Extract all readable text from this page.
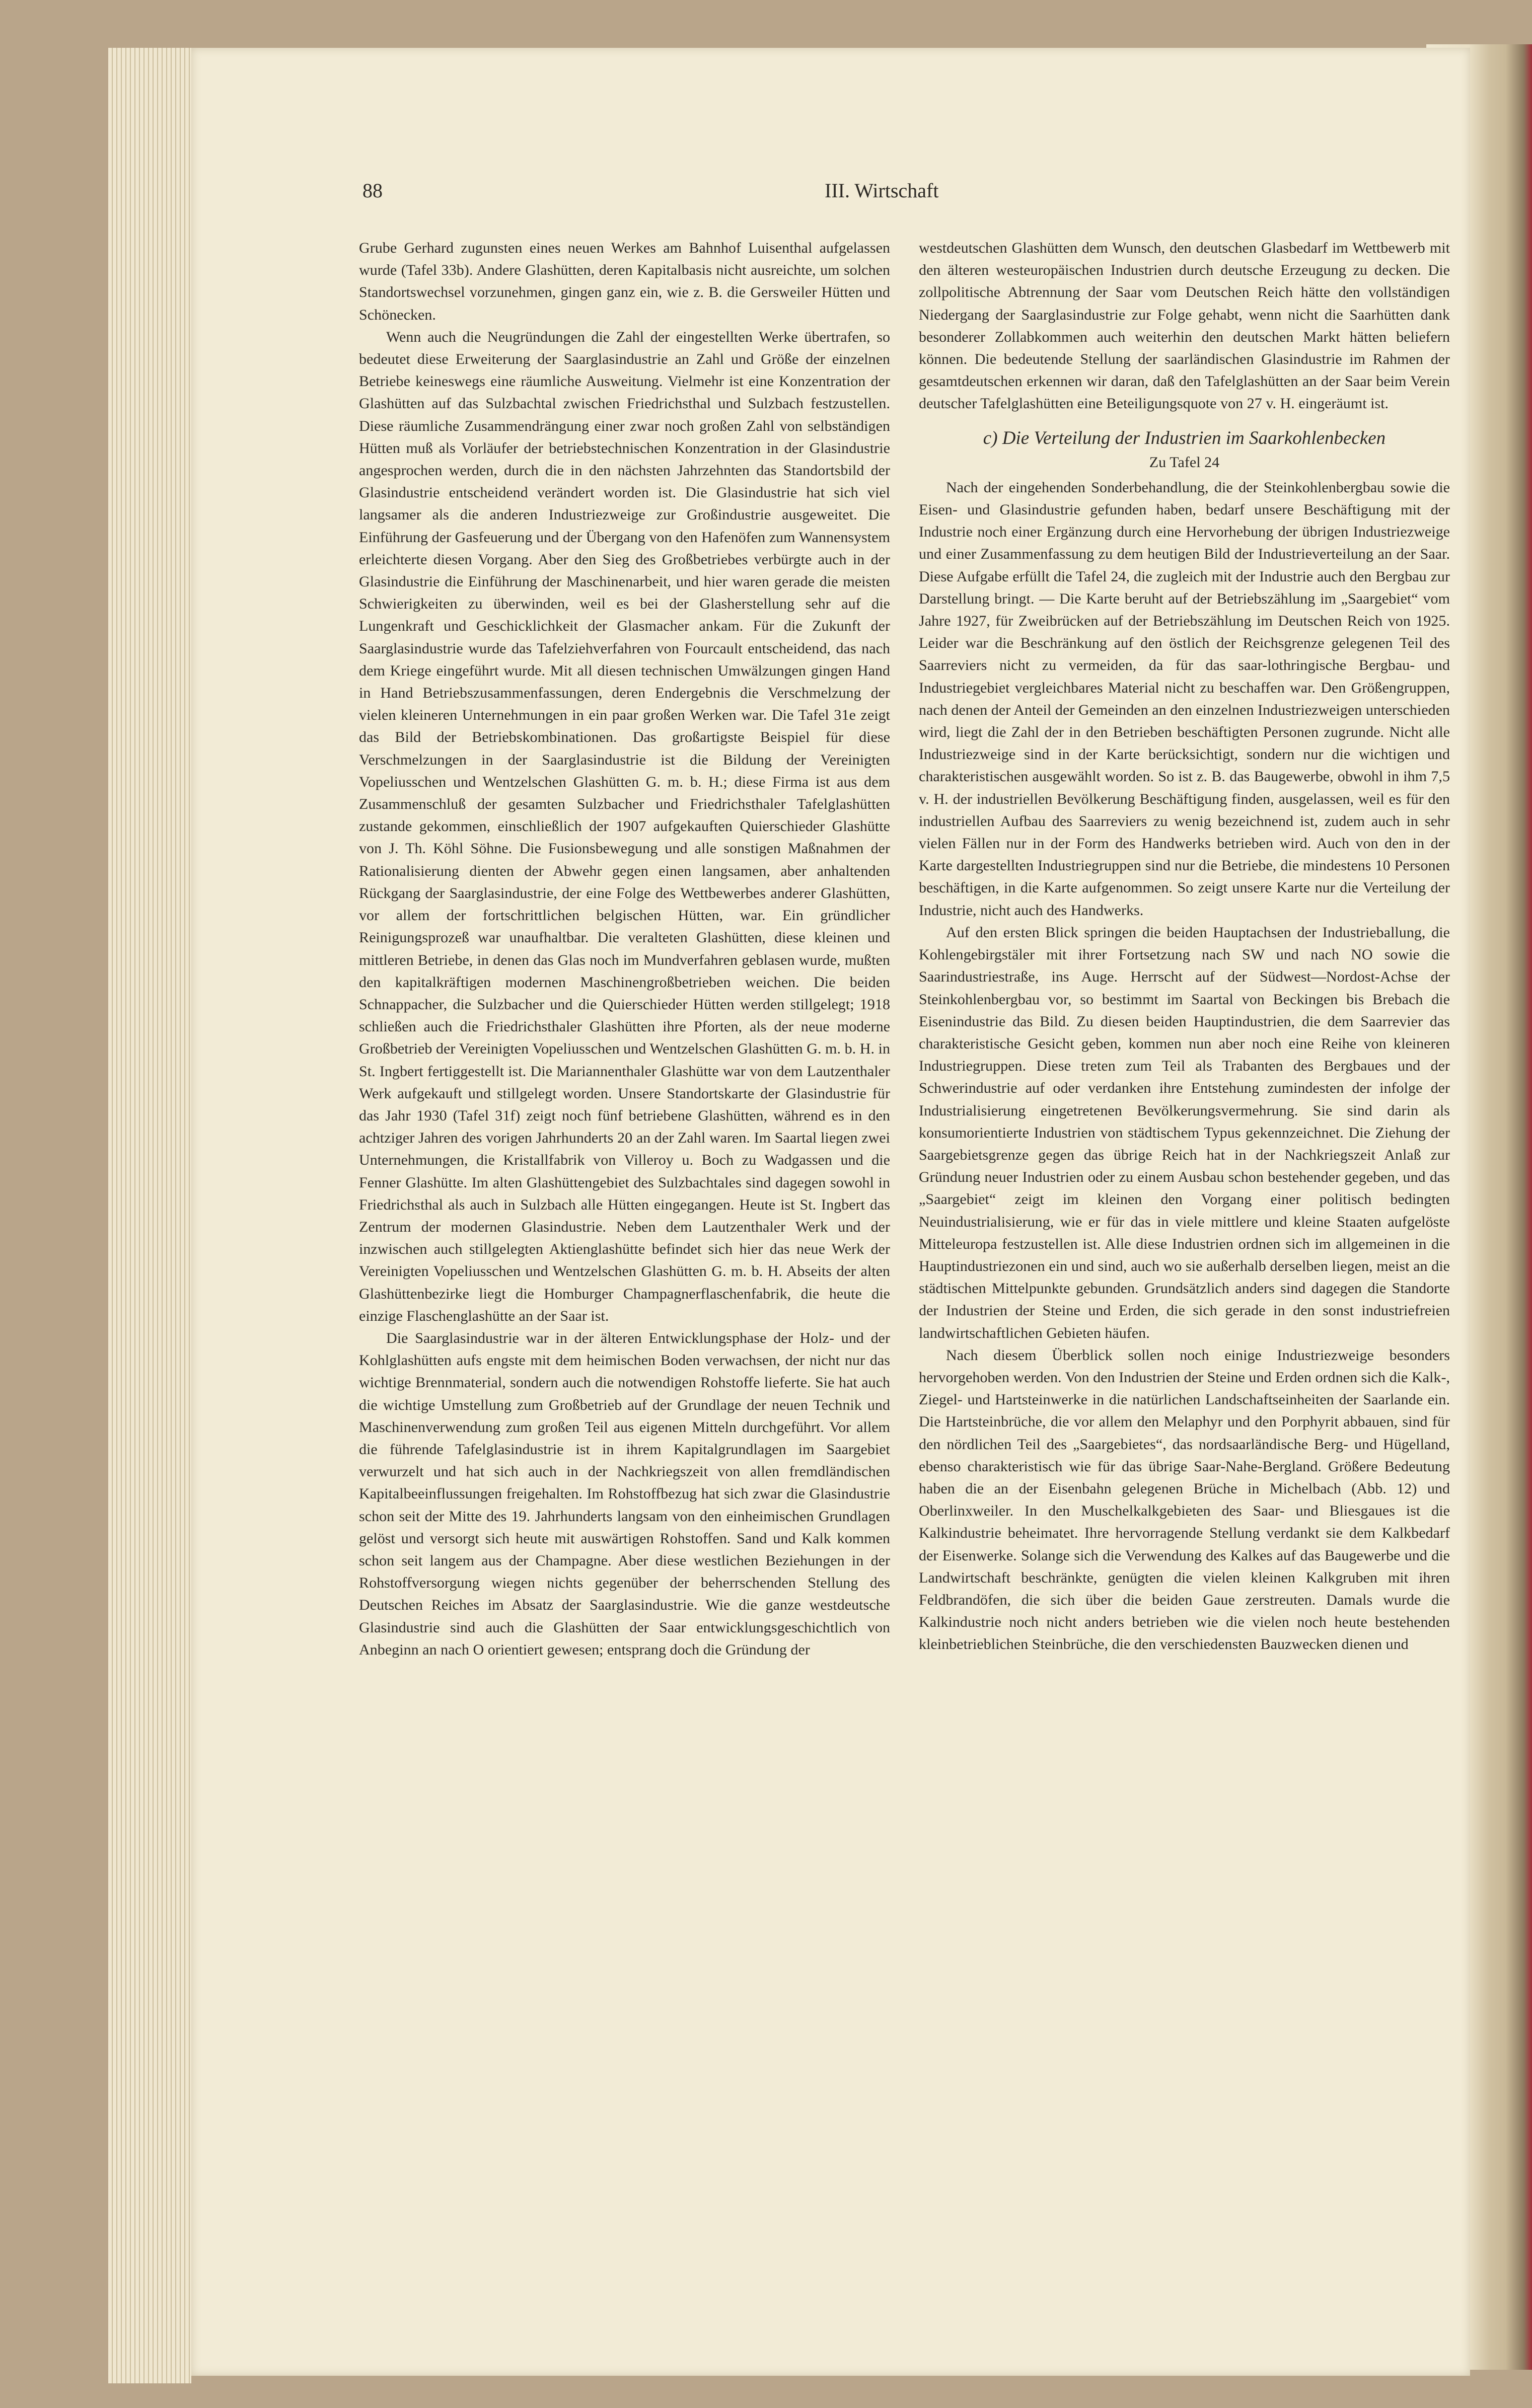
88	III. Wirtschaft

Grube Gerhard zugunsten eines neuen Werkes am Bahnhof Luisenthal aufgelassen wurde (Tafel 33b). Andere Glashütten, deren Kapitalbasis nicht ausreichte, um solchen Standortswechsel vorzunehmen, gingen ganz ein, wie z. B. die Gersweiler Hütten und Schönecken.

Wenn auch die Neugründungen die Zahl der eingestellten Werke übertrafen, so bedeutet diese Erweiterung der Saarglasindustrie an Zahl und Größe der einzelnen Betriebe keineswegs eine räumliche Ausweitung. Vielmehr ist eine Konzentration der Glashütten auf das Sulzbachtal zwischen Friedrichsthal und Sulzbach festzustellen. Diese räumliche Zusammendrängung einer zwar noch großen Zahl von selbständigen Hütten muß als Vorläufer der betriebstechnischen Konzentration in der Glasindustrie angesprochen werden, durch die in den nächsten Jahrzehnten das Standortsbild der Glasindustrie entscheidend verändert worden ist. Die Glasindustrie hat sich viel langsamer als die anderen Industriezweige zur Großindustrie ausgeweitet. Die Einführung der Gasfeuerung und der Übergang von den Hafenöfen zum Wannensystem erleichterte diesen Vorgang. Aber den Sieg des Großbetriebes verbürgte auch in der Glasindustrie die Einführung der Maschinenarbeit, und hier waren gerade die meisten Schwierigkeiten zu überwinden, weil es bei der Glasherstellung sehr auf die Lungenkraft und Geschicklichkeit der Glasmacher ankam. Für die Zukunft der Saarglasindustrie wurde das Tafelziehverfahren von Fourcault entscheidend, das nach dem Kriege eingeführt wurde. Mit all diesen technischen Umwälzungen gingen Hand in Hand Betriebszusammenfassungen, deren Endergebnis die Verschmelzung der vielen kleineren Unternehmungen in ein paar großen Werken war. Die Tafel 31e zeigt das Bild der Betriebskombinationen. Das großartigste Beispiel für diese Verschmelzungen in der Saarglasindustrie ist die Bildung der Vereinigten Vopeliusschen und Wentzelschen Glashütten G. m. b. H.; diese Firma ist aus dem Zusammenschluß der gesamten Sulzbacher und Friedrichsthaler Tafelglashütten zustande gekommen, einschließlich der 1907 aufgekauften Quierschieder Glashütte von J. Th. Köhl Söhne. Die Fusionsbewegung und alle sonstigen Maßnahmen der Rationalisierung dienten der Abwehr gegen einen langsamen, aber anhaltenden Rückgang der Saarglasindustrie, der eine Folge des Wettbewerbes anderer Glashütten, vor allem der fortschrittlichen belgischen Hütten, war. Ein gründlicher Reinigungsprozeß war unaufhaltbar. Die veralteten Glashütten, diese kleinen und mittleren Betriebe, in denen das Glas noch im Mundverfahren geblasen wurde, mußten den kapitalkräftigen modernen Maschinengroßbetrieben weichen. Die beiden Schnappacher, die Sulzbacher und die Quierschieder Hütten werden stillgelegt; 1918 schließen auch die Friedrichsthaler Glashütten ihre Pforten, als der neue moderne Großbetrieb der Vereinigten Vopeliusschen und Wentzelschen Glashütten G. m. b. H. in St. Ingbert fertiggestellt ist. Die Mariannenthaler Glashütte war von dem Lautzenthaler Werk aufgekauft und stillgelegt worden. Unsere Standortskarte der Glasindustrie für das Jahr 1930 (Tafel 31f) zeigt noch fünf betriebene Glashütten, während es in den achtziger Jahren des vorigen Jahrhunderts 20 an der Zahl waren. Im Saartal liegen zwei Unternehmungen, die Kristallfabrik von Villeroy u. Boch zu Wadgassen und die Fenner Glashütte. Im alten Glashüttengebiet des Sulzbachtales sind dagegen sowohl in Friedrichsthal als auch in Sulzbach alle Hütten eingegangen. Heute ist St. Ingbert das Zentrum der modernen Glasindustrie. Neben dem Lautzenthaler Werk und der inzwischen auch stillgelegten Aktienglashütte befindet sich hier das neue Werk der Vereinigten Vopeliusschen und Wentzelschen Glashütten G. m. b. H. Abseits der alten Glashüttenbezirke liegt die Homburger Champagnerflaschenfabrik, die heute die einzige Flaschenglashütte an der Saar ist.

Die Saarglasindustrie war in der älteren Entwicklungsphase der Holz- und der Kohlglashütten aufs engste mit dem heimischen Boden verwachsen, der nicht nur das wichtige Brennmaterial, sondern auch die notwendigen Rohstoffe lieferte. Sie hat auch die wichtige Umstellung zum Großbetrieb auf der Grundlage der neuen Technik und Maschinenverwendung zum großen Teil aus eigenen Mitteln durchgeführt. Vor allem die führende Tafelglasindustrie ist in ihrem Kapitalgrundlagen im Saargebiet verwurzelt und hat sich auch in der Nachkriegszeit von allen fremdländischen Kapitalbeeinflussungen freigehalten. Im Rohstoffbezug hat sich zwar die Glasindustrie schon seit der Mitte des 19. Jahrhunderts langsam von den einheimischen Grundlagen gelöst und versorgt sich heute mit auswärtigen Rohstoffen. Sand und Kalk kommen schon seit langem aus der Champagne. Aber diese westlichen Beziehungen in der Rohstoffversorgung wiegen nichts gegenüber der beherrschenden Stellung des Deutschen Reiches im Absatz der Saarglasindustrie. Wie die ganze westdeutsche Glasindustrie sind auch die Glashütten der Saar entwicklungsgeschichtlich von Anbeginn an nach O orientiert gewesen; entsprang doch die Gründung der

westdeutschen Glashütten dem Wunsch, den deutschen Glasbedarf im Wettbewerb mit den älteren westeuropäischen Industrien durch deutsche Erzeugung zu decken. Die zollpolitische Abtrennung der Saar vom Deutschen Reich hätte den vollständigen Niedergang der Saarglasindustrie zur Folge gehabt, wenn nicht die Saarhütten dank besonderer Zollabkommen auch weiterhin den deutschen Markt hätten beliefern können. Die bedeutende Stellung der saarländischen Glasindustrie im Rahmen der gesamtdeutschen erkennen wir daran, daß den Tafelglashütten an der Saar beim Verein deutscher Tafelglashütten eine Beteiligungsquote von 27 v. H. eingeräumt ist.

c) Die Verteilung der Industrien im Saarkohlenbecken

Zu Tafel 24

Nach der eingehenden Sonderbehandlung, die der Steinkohlenbergbau sowie die Eisen- und Glasindustrie gefunden haben, bedarf unsere Beschäftigung mit der Industrie noch einer Ergänzung durch eine Hervorhebung der übrigen Industriezweige und einer Zusammenfassung zu dem heutigen Bild der Industrieverteilung an der Saar. Diese Aufgabe erfüllt die Tafel 24, die zugleich mit der Industrie auch den Bergbau zur Darstellung bringt. — Die Karte beruht auf der Betriebszählung im „Saargebiet“ vom Jahre 1927, für Zweibrücken auf der Betriebszählung im Deutschen Reich von 1925. Leider war die Beschränkung auf den östlich der Reichsgrenze gelegenen Teil des Saarreviers nicht zu vermeiden, da für das saar-lothringische Bergbau- und Industriegebiet vergleichbares Material nicht zu beschaffen war. Den Größengruppen, nach denen der Anteil der Gemeinden an den einzelnen Industriezweigen unterschieden wird, liegt die Zahl der in den Betrieben beschäftigten Personen zugrunde. Nicht alle Industriezweige sind in der Karte berücksichtigt, sondern nur die wichtigen und charakteristischen ausgewählt worden. So ist z. B. das Baugewerbe, obwohl in ihm 7,5 v. H. der industriellen Bevölkerung Beschäftigung finden, ausgelassen, weil es für den industriellen Aufbau des Saarreviers zu wenig bezeichnend ist, zudem auch in sehr vielen Fällen nur in der Form des Handwerks betrieben wird. Auch von den in der Karte dargestellten Industriegruppen sind nur die Betriebe, die mindestens 10 Personen beschäftigen, in die Karte aufgenommen. So zeigt unsere Karte nur die Verteilung der Industrie, nicht auch des Handwerks.

Auf den ersten Blick springen die beiden Hauptachsen der Industrieballung, die Kohlengebirgstäler mit ihrer Fortsetzung nach SW und nach NO sowie die Saarindustriestraße, ins Auge. Herrscht auf der Südwest—Nordost-Achse der Steinkohlenbergbau vor, so bestimmt im Saartal von Beckingen bis Brebach die Eisenindustrie das Bild. Zu diesen beiden Hauptindustrien, die dem Saarrevier das charakteristische Gesicht geben, kommen nun aber noch eine Reihe von kleineren Industriegruppen. Diese treten zum Teil als Trabanten des Bergbaues und der Schwerindustrie auf oder verdanken ihre Entstehung zumindesten der infolge der Industrialisierung eingetretenen Bevölkerungsvermehrung. Sie sind darin als konsumorientierte Industrien von städtischem Typus gekennzeichnet. Die Ziehung der Saargebietsgrenze gegen das übrige Reich hat in der Nachkriegszeit Anlaß zur Gründung neuer Industrien oder zu einem Ausbau schon bestehender gegeben, und das „Saargebiet“ zeigt im kleinen den Vorgang einer politisch bedingten Neuindustrialisierung, wie er für das in viele mittlere und kleine Staaten aufgelöste Mitteleuropa festzustellen ist. Alle diese Industrien ordnen sich im allgemeinen in die Hauptindustriezonen ein und sind, auch wo sie außerhalb derselben liegen, meist an die städtischen Mittelpunkte gebunden. Grundsätzlich anders sind dagegen die Standorte der Industrien der Steine und Erden, die sich gerade in den sonst industriefreien landwirtschaftlichen Gebieten häufen.

Nach diesem Überblick sollen noch einige Industriezweige besonders hervorgehoben werden. Von den Industrien der Steine und Erden ordnen sich die Kalk-, Ziegel- und Hartsteinwerke in die natürlichen Landschaftseinheiten der Saarlande ein. Die Hartsteinbrüche, die vor allem den Melaphyr und den Porphyrit abbauen, sind für den nördlichen Teil des „Saargebietes“, das nordsaarländische Berg- und Hügelland, ebenso charakteristisch wie für das übrige Saar-Nahe-Bergland. Größere Bedeutung haben die an der Eisenbahn gelegenen Brüche in Michelbach (Abb. 12) und Oberlinxweiler. In den Muschelkalkgebieten des Saar- und Bliesgaues ist die Kalkindustrie beheimatet. Ihre hervorragende Stellung verdankt sie dem Kalkbedarf der Eisenwerke. Solange sich die Verwendung des Kalkes auf das Baugewerbe und die Landwirtschaft beschränkte, genügten die vielen kleinen Kalkgruben mit ihren Feldbrandöfen, die sich über die beiden Gaue zerstreuten. Damals wurde die Kalkindustrie noch nicht anders betrieben wie die vielen noch heute bestehenden kleinbetrieblichen Steinbrüche, die den verschiedensten Bauzwecken dienen und
